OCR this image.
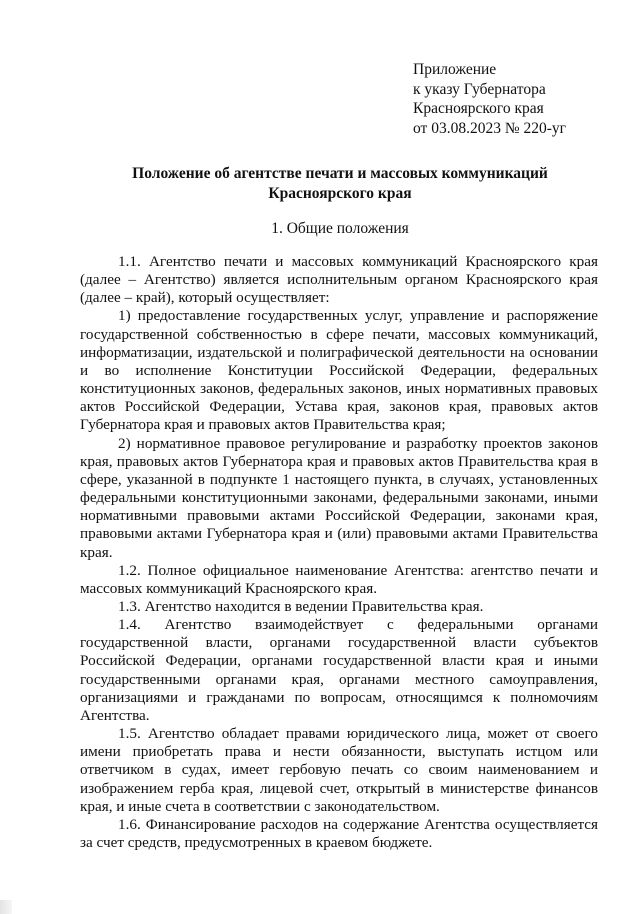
Приложение
к указу Губернатора
Красноярского края
от 03.08.2023 № 220-уг
Положение об агентстве печати и массовых коммуникаций
Красноярского края
1. Общие положения

1.1. Агентство печати и массовых коммуникаций Красноярского края (далее – Агентство) является исполнительным органом Красноярского края (далее – край), который осуществляет:

1) предоставление государственных услуг, управление и распоряжение государственной собственностью в сфере печати, массовых коммуникаций, информатизации, издательской и полиграфической деятельности на основании и во исполнение Конституции Российской Федерации, федеральных конституционных законов, федеральных законов, иных нормативных правовых актов Российской Федерации, Устава края, законов края, правовых актов Губернатора края и правовых актов Правительства края;

2) нормативное правовое регулирование и разработку проектов законов края, правовых актов Губернатора края и правовых актов Правительства края в сфере, указанной в подпункте 1 настоящего пункта, в случаях, установленных федеральными конституционными законами, федеральными законами, иными нормативными правовыми актами Российской Федерации, законами края, правовыми актами Губернатора края и (или) правовыми актами Правительства края.

1.2. Полное официальное наименование Агентства: агентство печати и массовых коммуникаций Красноярского края.

1.3. Агентство находится в ведении Правительства края.

1.4. Агентство взаимодействует с федеральными органами государственной власти, органами государственной власти субъектов Российской Федерации, органами государственной власти края и иными государственными органами края, органами местного самоуправления, организациями и гражданами по вопросам, относящимся к полномочиям Агентства.

1.5. Агентство обладает правами юридического лица, может от своего имени приобретать права и нести обязанности, выступать истцом или ответчиком в судах, имеет гербовую печать со своим наименованием и изображением герба края, лицевой счет, открытый в министерстве финансов края, и иные счета в соответствии с законодательством.

1.6. Финансирование расходов на содержание Агентства осуществляется за счет средств, предусмотренных в краевом бюджете.
